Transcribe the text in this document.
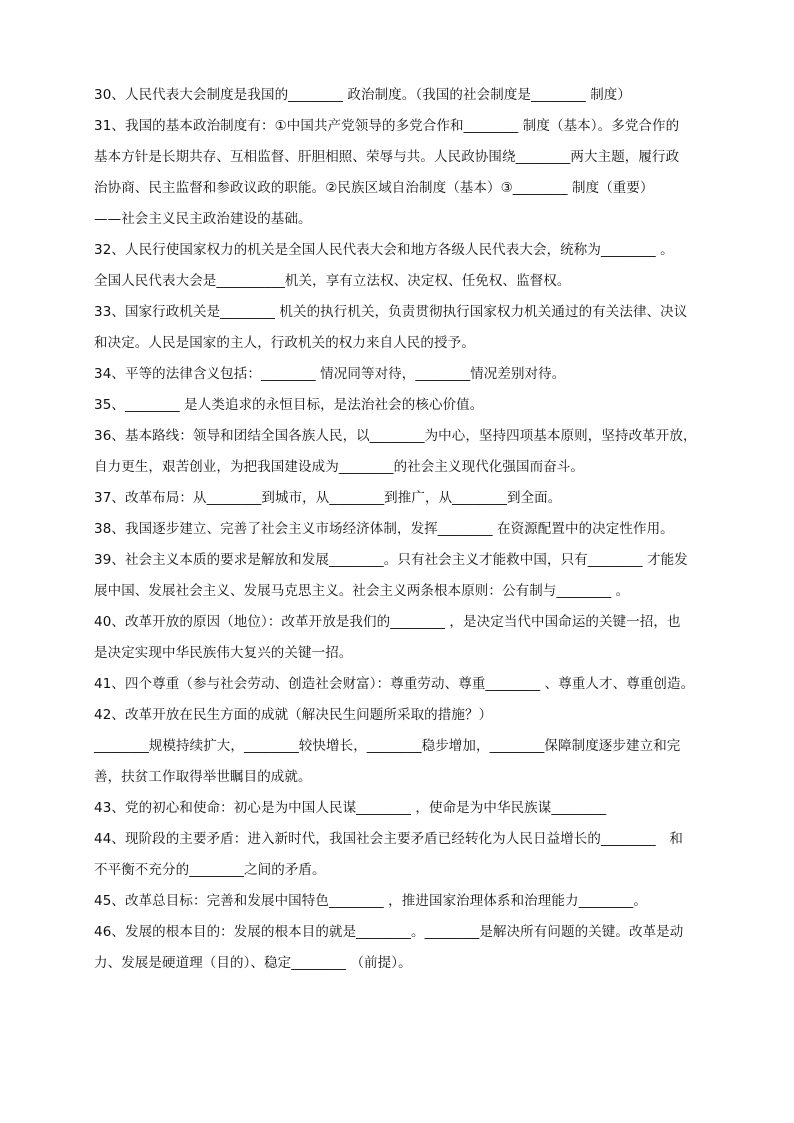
30、人民代表大会制度是我国的________ 政治制度。（我国的社会制度是________ 制度）
31、我国的基本政治制度有：①中国共产党领导的多党合作和________ 制度（基本）。多党合作的
基本方针是长期共存、互相监督、肝胆相照、荣辱与共。人民政协围绕________两大主题，履行政
治协商、民主监督和参政议政的职能。②民族区域自治制度（基本）③________ 制度（重要）
——社会主义民主政治建设的基础。
32、人民行使国家权力的机关是全国人民代表大会和地方各级人民代表大会，统称为________ 。
全国人民代表大会是__________机关，享有立法权、决定权、任免权、监督权。
33、国家行政机关是________ 机关的执行机关，负责贯彻执行国家权力机关通过的有关法律、决议
和决定。人民是国家的主人，行政机关的权力来自人民的授予。
34、平等的法律含义包括：________ 情况同等对待，________情况差别对待。
35、________ 是人类追求的永恒目标，是法治社会的核心价值。
36、基本路线：领导和团结全国各族人民，以________为中心，坚持四项基本原则，坚持改革开放，
自力更生，艰苦创业，为把我国建设成为________的社会主义现代化强国而奋斗。
37、改革布局：从________到城市，从________到推广，从________到全面。
38、我国逐步建立、完善了社会主义市场经济体制，发挥________ 在资源配置中的决定性作用。
39、社会主义本质的要求是解放和发展________。只有社会主义才能救中国，只有________ 才能发
展中国、发展社会主义、发展马克思主义。社会主义两条根本原则：公有制与________ 。
40、改革开放的原因（地位）：改革开放是我们的________ ，是决定当代中国命运的关键一招，也
是决定实现中华民族伟大复兴的关键一招。
41、四个尊重（参与社会劳动、创造社会财富）：尊重劳动、尊重________ 、尊重人才、尊重创造。
42、改革开放在民生方面的成就（解决民生问题所采取的措施？）
________规模持续扩大，________较快增长，________稳步增加，________保障制度逐步建立和完
善，扶贫工作取得举世瞩目的成就。
43、党的初心和使命：初心是为中国人民谋________ ，使命是为中华民族谋________
44、现阶段的主要矛盾：进入新时代，我国社会主要矛盾已经转化为人民日益增长的________　和
不平衡不充分的________之间的矛盾。
45、改革总目标：完善和发展中国特色________ ，推进国家治理体系和治理能力________。
46、发展的根本目的：发展的根本目的就是________。________是解决所有问题的关键。改革是动
力、发展是硬道理（目的）、稳定________ （前提）。
